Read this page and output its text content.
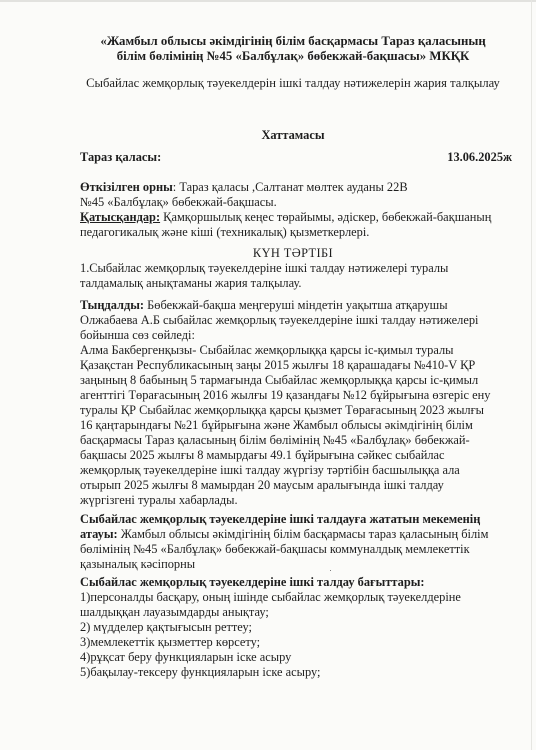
«Жамбыл облысы әкімдігінің білім басқармасы Тараз қаласының
білім бөлімінің №45 «Балбұлақ» бөбекжай-бақшасы» МКҚК
Сыбайлас жемқорлық тәуекелдерін ішкі талдау нәтижелерін жария талқылау
Хаттамасы
Тараз қаласы:	13.06.2025ж
Өткізілген орны: Тараз қаласы ,Салтанат мөлтек ауданы 22В
№45 «Балбұлақ» бөбекжай-бақшасы.
Қатысқандар: Қамқоршылық кеңес төрайымы, әдіскер, бөбекжай-бақшаның
педагогикалық және кіші (техникалық) қызметкерлері.
КҮН ТӘРТІБІ
1.Сыбайлас жемқорлық тәуекелдеріне ішкі талдау нәтижелері туралы
талдамалық анықтаманы жария талқылау.
Тыңдалды: Бөбекжай-бақша меңгеруші міндетін уақытша атқарушы
Олжабаева А.Б сыбайлас жемқорлық тәуекелдеріне ішкі талдау нәтижелері
бойынша сөз сөйледі:
Алма Бакбергенқызы- Сыбайлас жемқорлыққа қарсы іс-қимыл туралы
Қазақстан Республикасының заңы 2015 жылғы 18 қарашадағы №410-V ҚР
заңының 8 бабының 5 тармағында Сыбайлас жемқорлыққа қарсы іс-қимыл
агенттігі Төрағасының 2016 жылғы 19 қазандағы №12 бұйрығына өзгеріс ену
туралы ҚР Сыбайлас жемқорлыққа қарсы қызмет Төрағасының 2023 жылғы
16 қаңтарындағы №21 бұйрығына және Жамбыл облысы әкімдігінің білім
басқармасы Тараз қаласының білім бөлімінің №45 «Балбұлақ» бөбекжай-
бақшасы 2025 жылғы 8 мамырдағы 49.1 бұйрығына сәйкес сыбайлас
жемқорлық тәуекелдеріне ішкі талдау жүргізу тәртібін басшылыққа ала
отырып 2025 жылғы 8 мамырдан 20 маусым аралығында ішкі талдау
жүргізгені туралы хабарлады.
Сыбайлас жемқорлық тәуекелдеріне ішкі талдауға жататын мекеменің
атауы: Жамбыл облысы әкімдігінің білім басқармасы тараз қаласының білім
бөлімінің №45 «Балбұлақ» бөбекжай-бақшасы коммуналдық мемлекеттік
қазыналық кәсіпорны
Сыбайлас жемқорлық тәуекелдеріне ішкі талдау бағыттары:
1)персоналды басқару, оның ішінде сыбайлас жемқорлық тәуекелдеріне
шалдыққан лауазымдарды анықтау;
2) мүдделер қақтығысын реттеу;
3)мемлекеттік қызметтер көрсету;
4)рұқсат беру функцияларын іске асыру
5)бақылау-тексеру функцияларын іске асыру;
